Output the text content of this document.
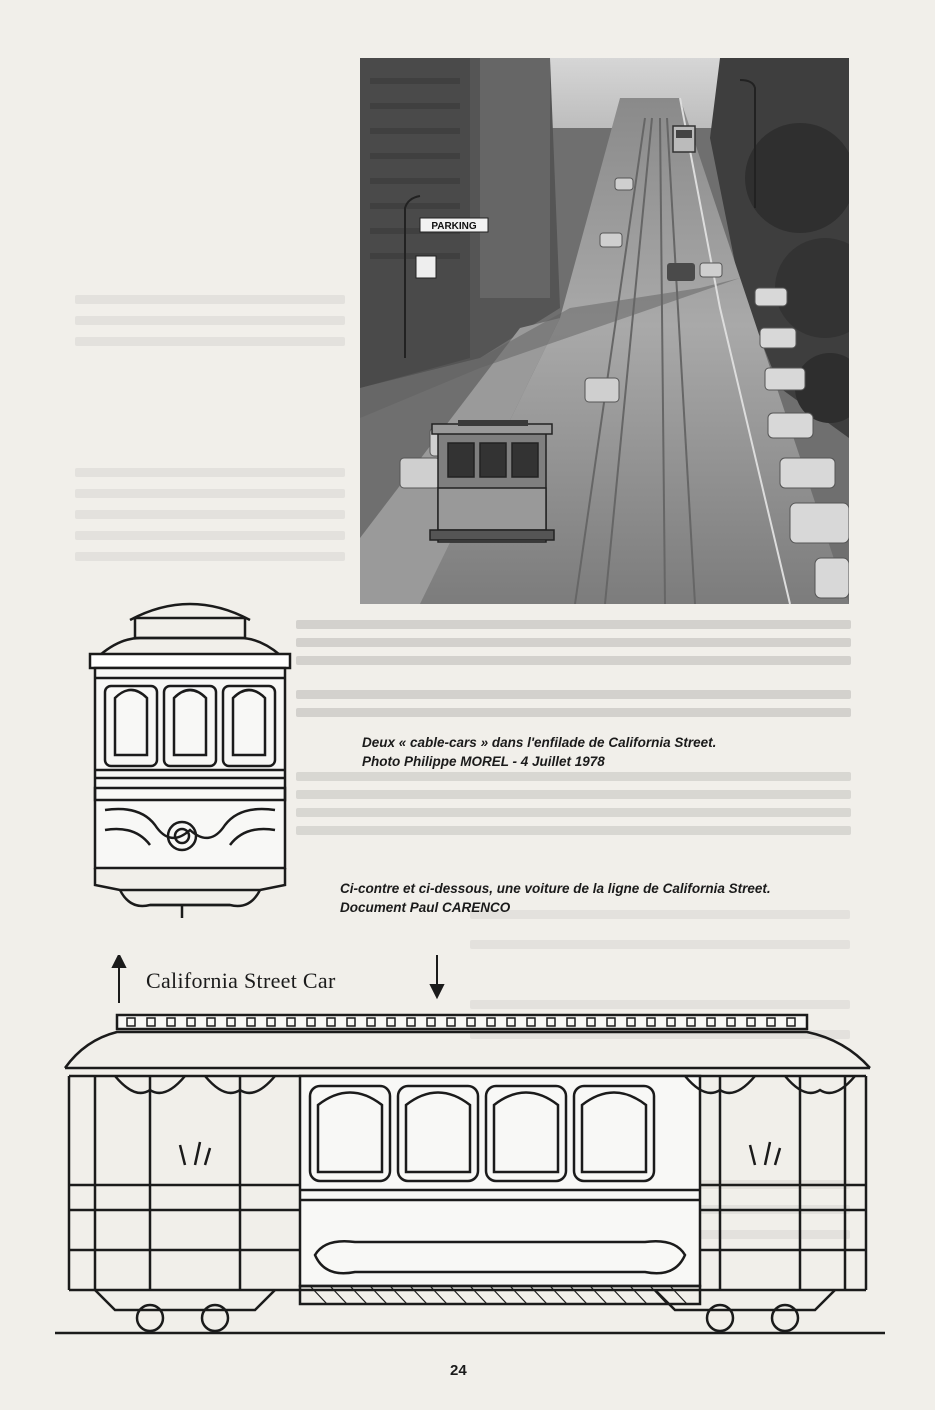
PARKING
Deux « cable-cars » dans l'enfilade de California Street.
Photo Philippe MOREL - 4 Juillet 1978
Ci-contre et ci-dessous, une voiture de la ligne de California Street.
Document Paul CARENCO
California Street Car
24
